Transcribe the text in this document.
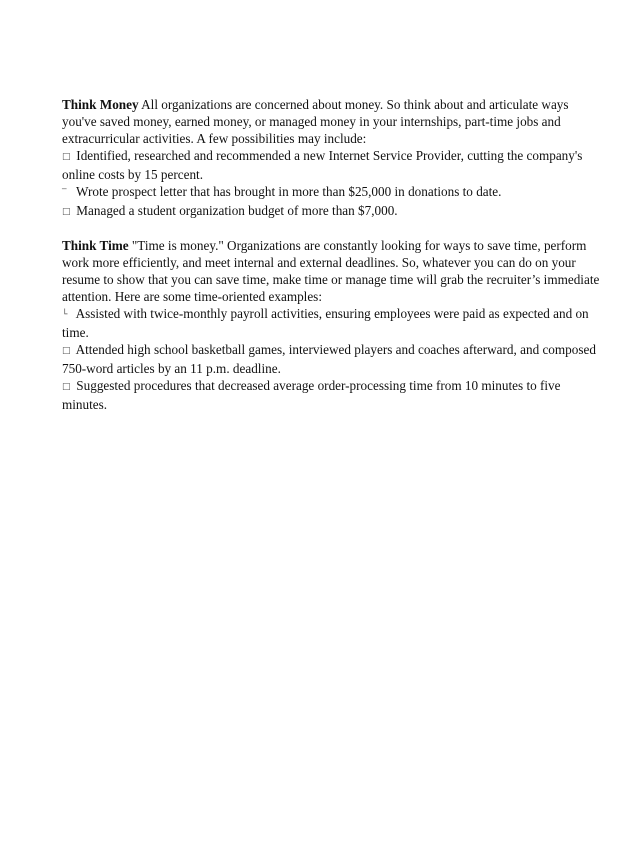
Think Money All organizations are concerned about money. So think about and articulate ways you've saved money, earned money, or managed money in your internships, part-time jobs and extracurricular activities. A few possibilities may include:

□ Identified, researched and recommended a new Internet Service Provider, cutting the company's online costs by 15 percent.

‾ Wrote prospect letter that has brought in more than $25,000 in donations to date.

□ Managed a student organization budget of more than $7,000.

Think Time "Time is money." Organizations are constantly looking for ways to save time, perform work more efficiently, and meet internal and external deadlines. So, whatever you can do on your resume to show that you can save time, make time or manage time will grab the recruiter’s immediate attention. Here are some time-oriented examples:

└ Assisted with twice-monthly payroll activities, ensuring employees were paid as expected and on time.

□ Attended high school basketball games, interviewed players and coaches afterward, and composed 750-word articles by an 11 p.m. deadline.

□ Suggested procedures that decreased average order-processing time from 10 minutes to five minutes.
